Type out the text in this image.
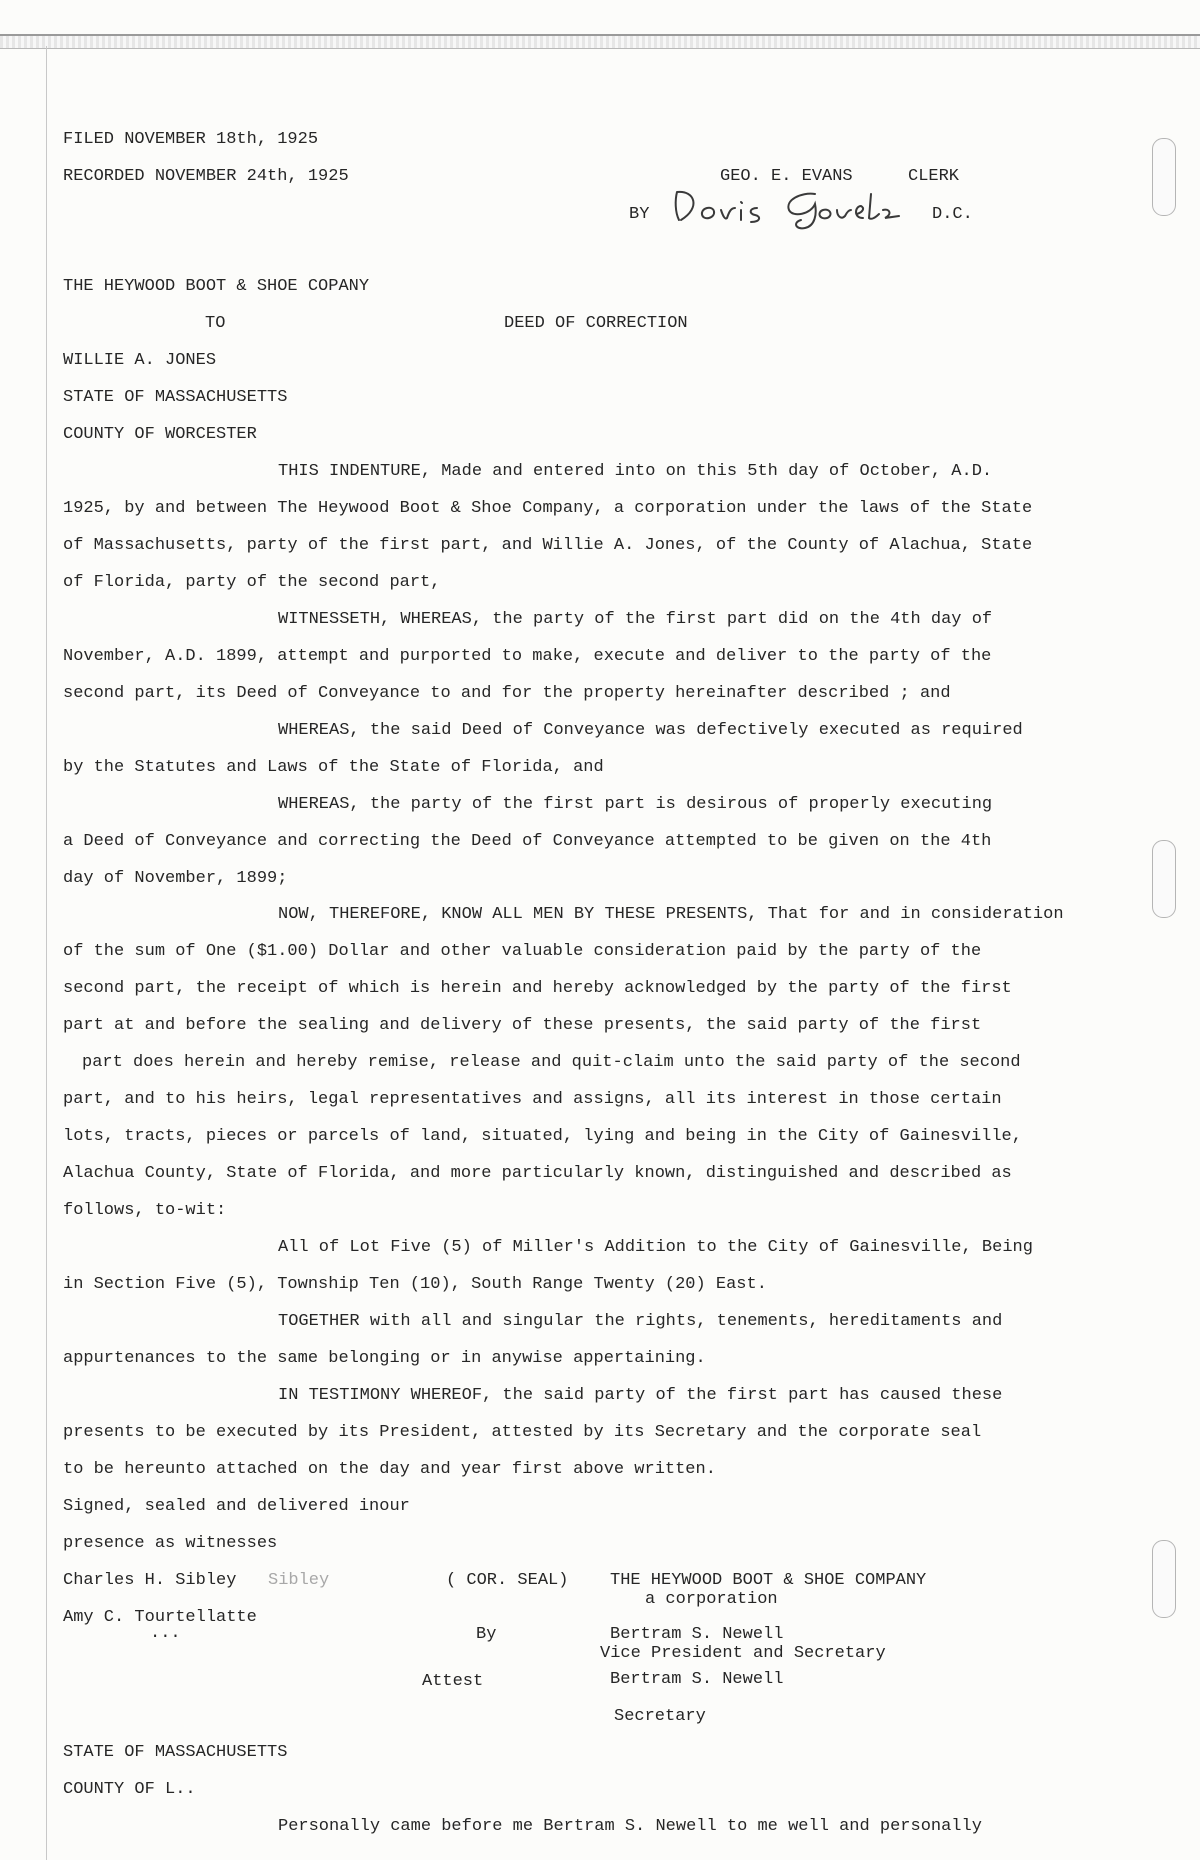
FILED NOVEMBER 18th, 1925
RECORDED NOVEMBER 24th, 1925	GEO. E. EVANS	CLERK
BY	D.C.
THE HEYWOOD BOOT & SHOE COPANY
TO	DEED OF CORRECTION
WILLIE A. JONES
STATE OF MASSACHUSETTS
COUNTY OF WORCESTER
THIS INDENTURE, Made and entered into on this 5th day of October, A.D.
1925, by and between The Heywood Boot & Shoe Company, a corporation under the laws of the State
of Massachusetts, party of the first part, and Willie A. Jones, of the County of Alachua, State
of Florida, party of the second part,
WITNESSETH, WHEREAS, the party of the first part did on the 4th day of
November, A.D. 1899, attempt and purported to make, execute and deliver to the party of the
second part, its Deed of Conveyance to and for the property hereinafter described ; and
WHEREAS, the said Deed of Conveyance was defectively executed as required
by the Statutes and Laws of the State of Florida, and
WHEREAS, the party of the first part is desirous of properly executing
a Deed of Conveyance and correcting the Deed of Conveyance attempted to be given on the 4th
day of November, 1899;
NOW, THEREFORE, KNOW ALL MEN BY THESE PRESENTS, That for and in consideration
of the sum of One ($1.00) Dollar and other valuable consideration paid by the party of the
second part, the receipt of which is herein and hereby acknowledged by the party of the first
part at and before the sealing and delivery of these presents, the said party of the first
part does herein and hereby remise, release and quit-claim unto the said party of the second
part, and to his heirs, legal representatives and assigns, all its interest in those certain
lots, tracts, pieces or parcels of land, situated, lying and being in the City of Gainesville,
Alachua County, State of Florida, and more particularly known, distinguished and described as
follows, to-wit:
All of Lot Five (5) of Miller's Addition to the City of Gainesville, Being
in Section Five (5), Township Ten (10), South Range Twenty (20) East.
TOGETHER with all and singular the rights, tenements, hereditaments and
appurtenances to the same belonging or in anywise appertaining.
IN TESTIMONY WHEREOF, the said party of the first part has caused these
presents to be executed by its President, attested by its Secretary and the corporate seal
to be hereunto attached on the day and year first above written.
Signed, sealed and delivered inour
presence as witnesses
Charles H. Sibley Sibley	( COR. SEAL) THE HEYWOOD BOOT & SHOE COMPANY
a corporation
Amy C. Tourtellatte
...	By	Bertram S. Newell
Vice President and Secretary
Attest	Bertram S. Newell
Secretary
STATE OF MASSACHUSETTS
COUNTY OF L..
Personally came before me Bertram S. Newell to me well and personally
